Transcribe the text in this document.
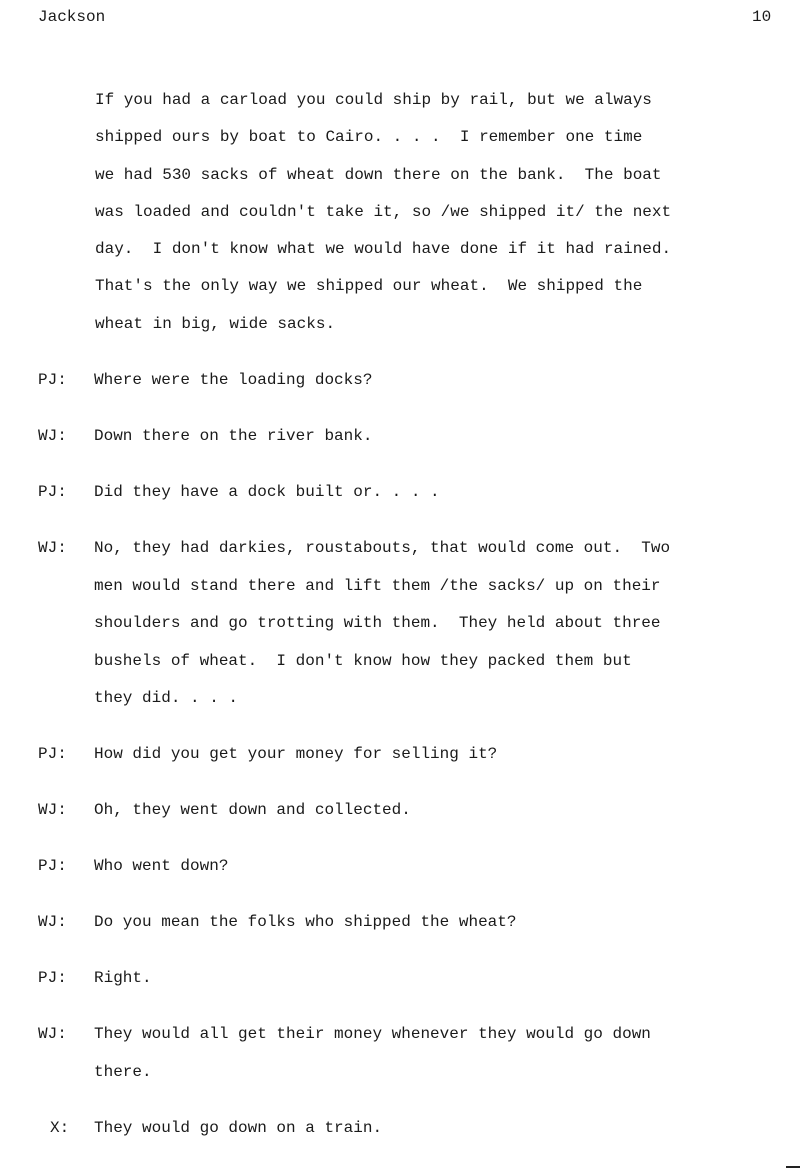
Jackson	10
If you had a carload you could ship by rail, but we always
shipped ours by boat to Cairo. . . .  I remember one time
we had 530 sacks of wheat down there on the bank.  The boat
was loaded and couldn't take it, so /we shipped it/ the next
day.  I don't know what we would have done if it had rained.
That's the only way we shipped our wheat.  We shipped the
wheat in big, wide sacks.
PJ: Where were the loading docks?
WJ: Down there on the river bank.
PJ: Did they have a dock built or. . . .
WJ: No, they had darkies, roustabouts, that would come out.  Two
men would stand there and lift them /the sacks/ up on their
shoulders and go trotting with them.  They held about three
bushels of wheat.  I don't know how they packed them but
they did. . . .
PJ: How did you get your money for selling it?
WJ: Oh, they went down and collected.
PJ: Who went down?
WJ: Do you mean the folks who shipped the wheat?
PJ: Right.
WJ: They would all get their money whenever they would go down
there.
X: They would go down on a train.
